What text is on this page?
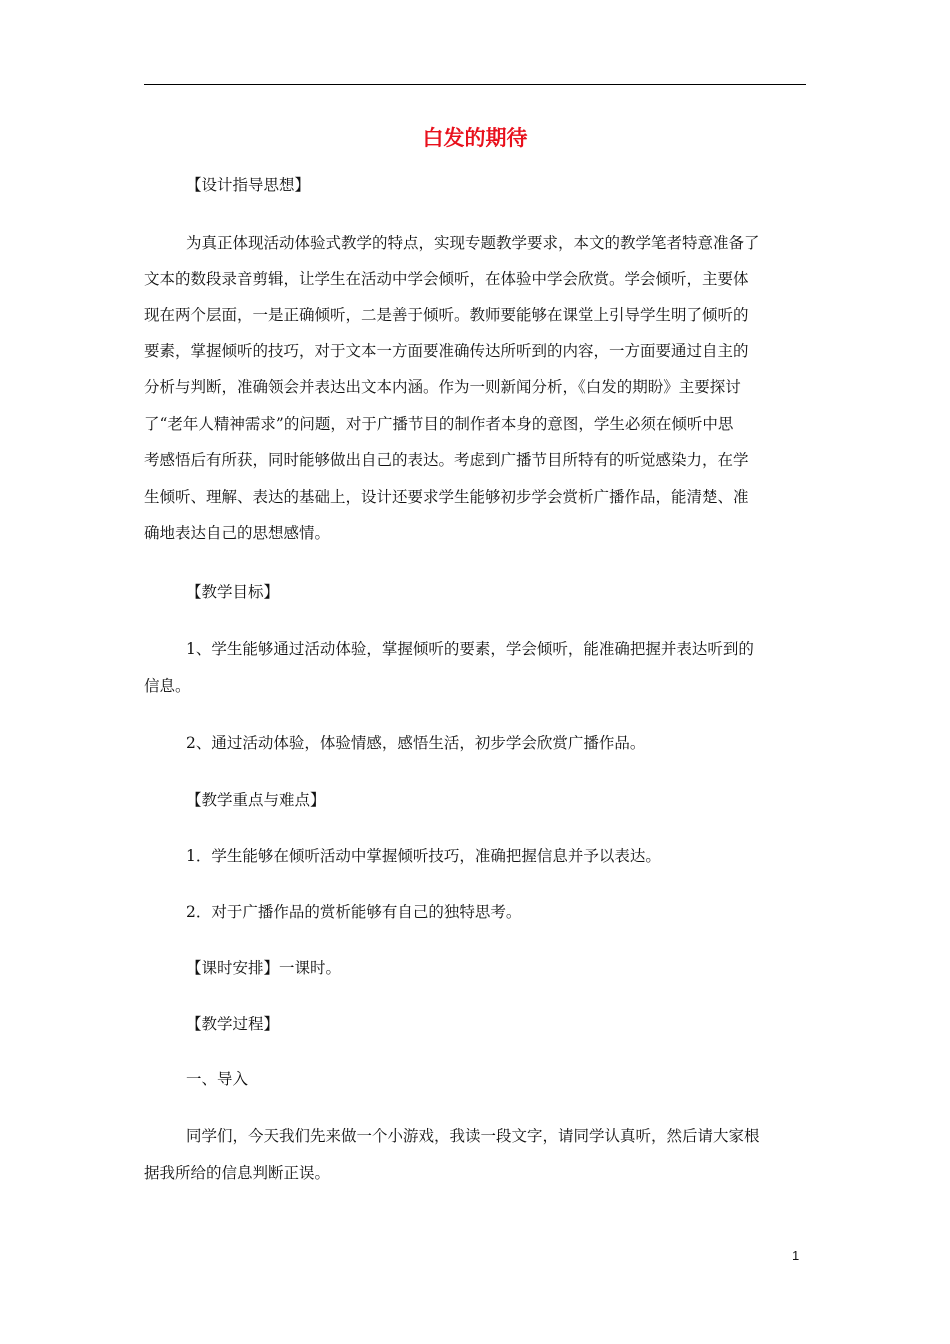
白发的期待
【设计指导思想】
为真正体现活动体验式教学的特点，实现专题教学要求，本文的教学笔者特意准备了
文本的数段录音剪辑，让学生在活动中学会倾听，在体验中学会欣赏。学会倾听，主要体
现在两个层面，一是正确倾听，二是善于倾听。教师要能够在课堂上引导学生明了倾听的
要素，掌握倾听的技巧，对于文本一方面要准确传达所听到的内容，一方面要通过自主的
分析与判断，准确领会并表达出文本内涵。作为一则新闻分析，《白发的期盼》主要探讨
了“老年人精神需求”的问题，对于广播节目的制作者本身的意图，学生必须在倾听中思
考感悟后有所获，同时能够做出自己的表达。考虑到广播节目所特有的听觉感染力，在学
生倾听、理解、表达的基础上，设计还要求学生能够初步学会赏析广播作品，能清楚、准
确地表达自己的思想感情。
【教学目标】
1、学生能够通过活动体验，掌握倾听的要素，学会倾听，能准确把握并表达听到的
信息。
2、通过活动体验，体验情感，感悟生活，初步学会欣赏广播作品。
【教学重点与难点】
1．学生能够在倾听活动中掌握倾听技巧，准确把握信息并予以表达。
2．对于广播作品的赏析能够有自己的独特思考。
【课时安排】一课时。
【教学过程】
一、导入
同学们，今天我们先来做一个小游戏，我读一段文字，请同学认真听，然后请大家根
据我所给的信息判断正误。
1
